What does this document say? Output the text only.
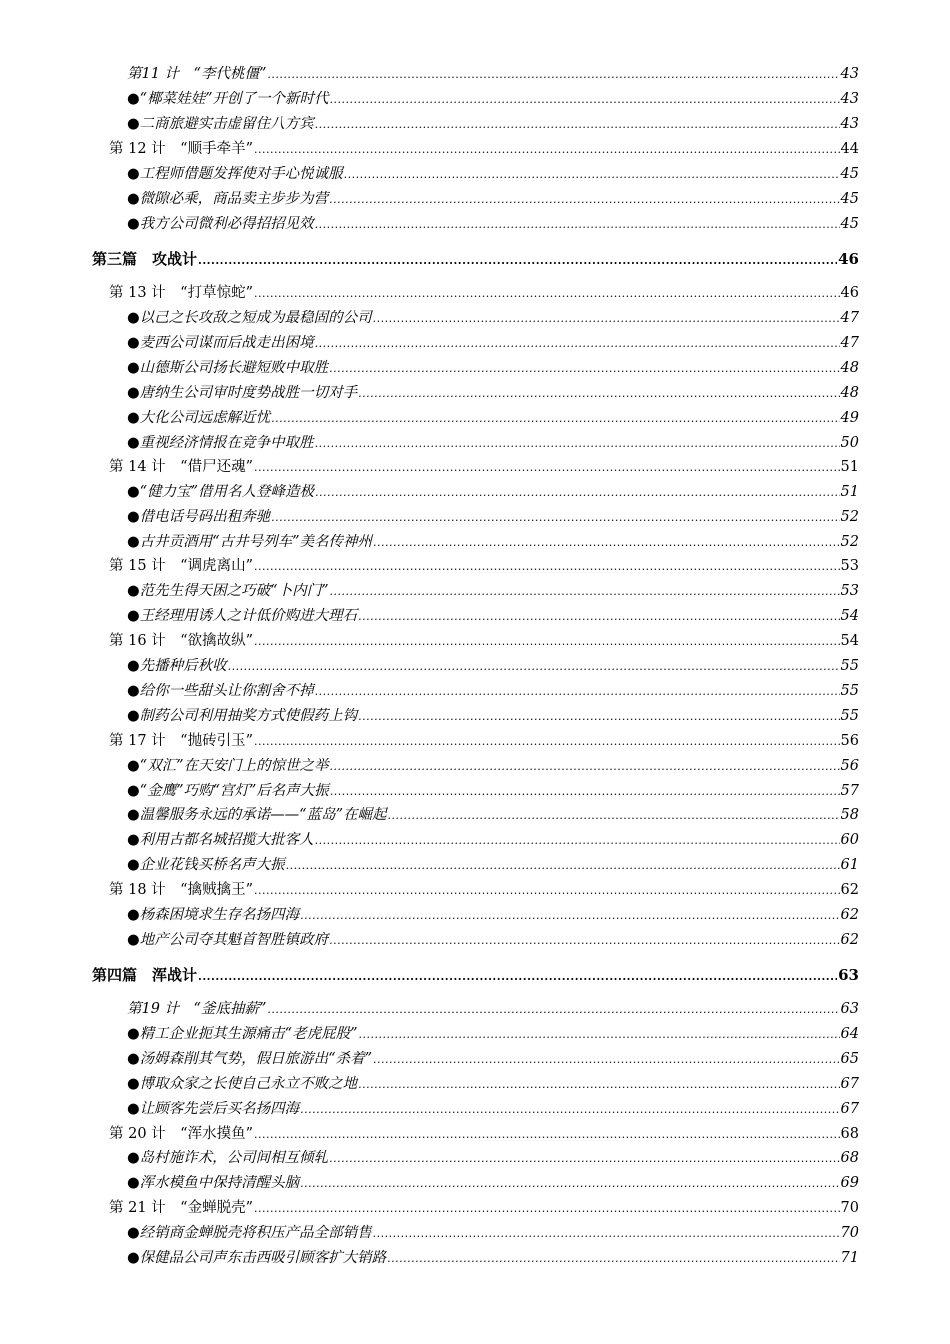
第11 计　“李代桃僵” .....	43
●“椰菜娃娃”开创了一个新时代 .....	43
●二商旅避实击虚留住八方宾 .....	43
第 12 计　“顺手牵羊” .....	44
●工程师借题发挥使对手心悦诚服 .....	45
●微隙必乘，商品卖主步步为营 .....	45
●我方公司微利必得招招见效 .....	45
第三篇　攻战计 .....	46
第 13 计　“打草惊蛇” .....	46
●以己之长攻敌之短成为最稳固的公司 .....	47
●麦西公司谋而后战走出困境 .....	47
●山德斯公司扬长避短败中取胜 .....	48
●唐纳生公司审时度势战胜一切对手 .....	48
●大化公司远虑解近忧 .....	49
●重视经济情报在竞争中取胜 .....	50
第 14 计　“借尸还魂” .....	51
●“健力宝”借用名人登峰造极 .....	51
●借电话号码出租奔驰 .....	52
●古井贡酒用“古井号列车”美名传神州 .....	52
第 15 计　“调虎离山” .....	53
●范先生得天困之巧破“卜内门” .....	53
●王经理用诱人之计低价购进大理石 .....	54
第 16 计　“欲擒故纵” .....	54
●先播种后秋收 .....	55
●给你一些甜头让你割舍不掉 .....	55
●制药公司利用抽奖方式使假药上钩 .....	55
第 17 计　“抛砖引玉” .....	56
●“双汇”在天安门上的惊世之举 .....	56
●“金鹰”巧购“宫灯”后名声大振 .....	57
●温馨服务永远的承诺——“蓝岛”在崛起 .....	58
●利用古都名城招揽大批客人 .....	60
●企业花钱买桥名声大振 .....	61
第 18 计　“擒贼擒王” .....	62
●杨森困境求生存名扬四海 .....	62
●地产公司夺其魁首智胜镇政府 .....	62
第四篇　浑战计 .....	63
第19 计　“釜底抽薪” .....	63
●精工企业扼其生源痛击“老虎屁股” .....	64
●汤姆森削其气势，假日旅游出“杀着” .....	65
●博取众家之长使自己永立不败之地 .....	67
●让顾客先尝后买名扬四海 .....	67
第 20 计　“浑水摸鱼” .....	68
●岛村施诈术，公司间相互倾轧 .....	68
●浑水模鱼中保持清醒头脑 .....	69
第 21 计　“金蝉脱壳” .....	70
●经销商金蝉脱壳将积压产品全部销售 .....	70
●保健品公司声东击西吸引顾客扩大销路 .....	71
